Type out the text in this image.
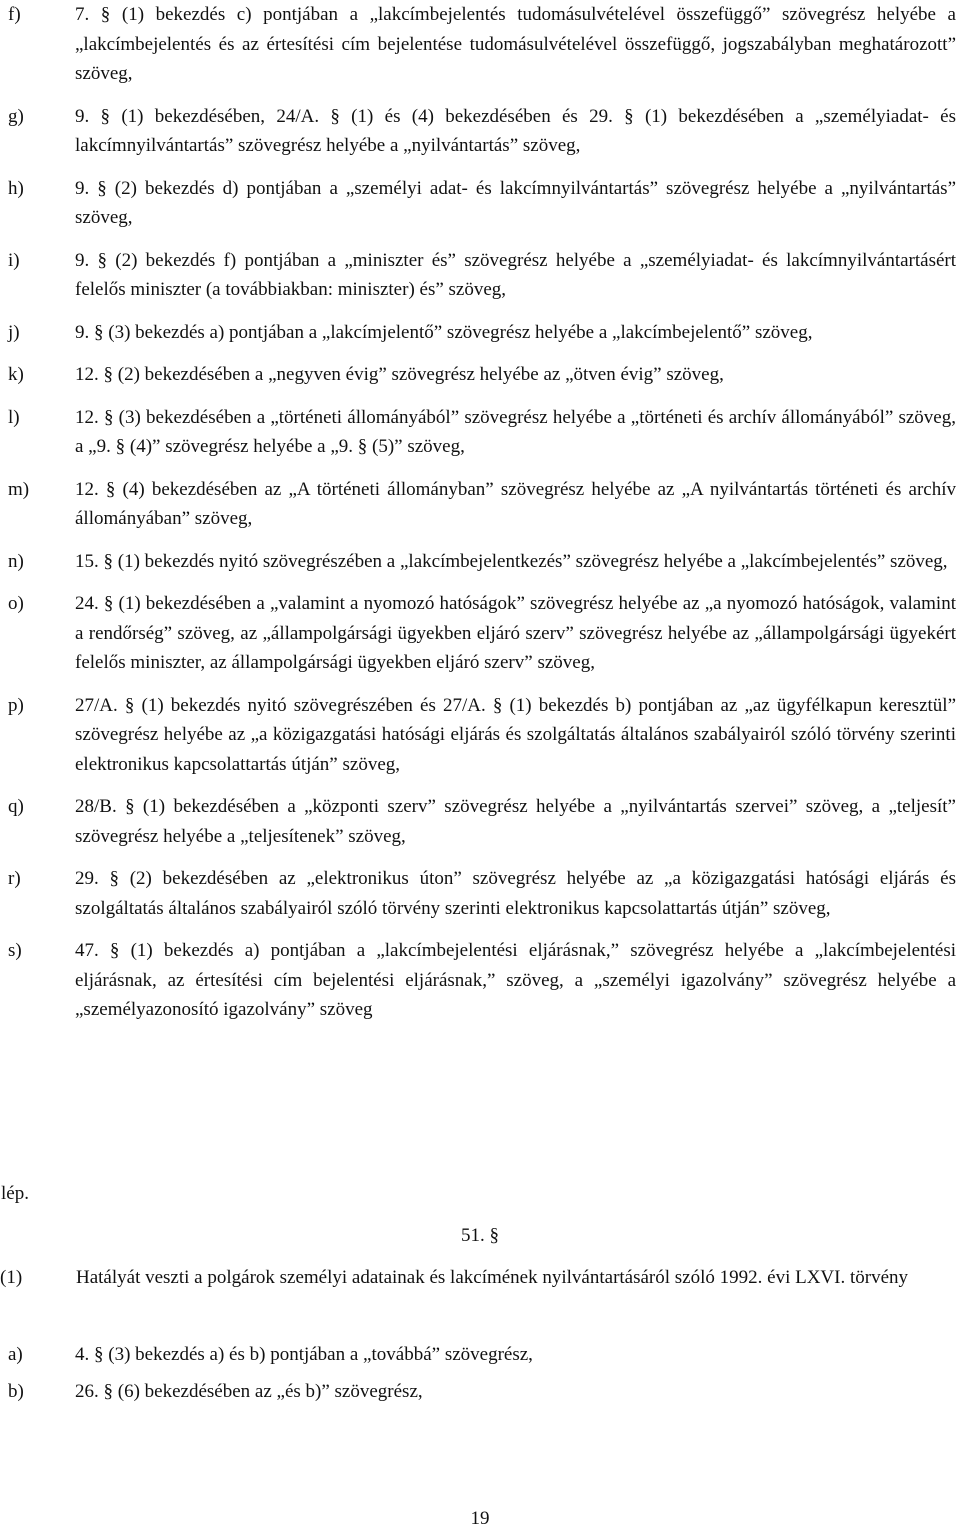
f)	7. § (1) bekezdés c) pontjában a „lakcímbejelentés tudomásulvételével összefüggő” szövegrész helyébe a „lakcímbejelentés és az értesítési cím bejelentése tudomásulvételével összefüggő, jogszabályban meghatározott” szöveg,
g)	9. § (1) bekezdésében, 24/A. § (1) és (4) bekezdésében és 29. § (1) bekezdésében a „személyiadat- és lakcímnyilvántartás” szövegrész helyébe a „nyilvántartás” szöveg,
h)	9. § (2) bekezdés d) pontjában a „személyi adat- és lakcímnyilvántartás” szövegrész helyébe a „nyilvántartás” szöveg,
i)	9. § (2) bekezdés f) pontjában a „miniszter és” szövegrész helyébe a „személyiadat- és lakcímnyilvántartásért felelős miniszter (a továbbiakban: miniszter) és” szöveg,
j)	9. § (3) bekezdés a) pontjában a „lakcímjelentő” szövegrész helyébe a „lakcímbejelentő” szöveg,
k)	12. § (2) bekezdésében a „negyven évig” szövegrész helyébe az „ötven évig” szöveg,
l)	12. § (3) bekezdésében a „történeti állományából” szövegrész helyébe a „történeti és archív állományából” szöveg, a „9. § (4)” szövegrész helyébe a „9. § (5)” szöveg,
m) 12. § (4) bekezdésében az „A történeti állományban” szövegrész helyébe az „A nyilvántartás történeti és archív állományában” szöveg,
n)	15. § (1) bekezdés nyitó szövegrészében a „lakcímbejelentkezés” szövegrész helyébe a „lakcímbejelentés” szöveg,
o)	24. § (1) bekezdésében a „valamint a nyomozó hatóságok” szövegrész helyébe az „a nyomozó hatóságok, valamint a rendőrség” szöveg, az „állampolgársági ügyekben eljáró szerv” szövegrész helyébe az „állampolgársági ügyekért felelős miniszter, az állampolgársági ügyekben eljáró szerv” szöveg,
p)	27/A. § (1) bekezdés nyitó szövegrészében és 27/A. § (1) bekezdés b) pontjában az „az ügyfélkapun keresztül” szövegrész helyébe az „a közigazgatási hatósági eljárás és szolgáltatás általános szabályairól szóló törvény szerinti elektronikus kapcsolattartás útján” szöveg,
q)	28/B. § (1) bekezdésében a „központi szerv” szövegrész helyébe a „nyilvántartás szervei” szöveg, a „teljesít” szövegrész helyébe a „teljesítenek” szöveg,
r)	29. § (2) bekezdésében az „elektronikus úton” szövegrész helyébe az „a közigazgatási hatósági eljárás és szolgáltatás általános szabályairól szóló törvény szerinti elektronikus kapcsolattartás útján” szöveg,
s)	47. § (1) bekezdés a) pontjában a „lakcímbejelentési eljárásnak,” szövegrész helyébe a „lakcímbejelentési eljárásnak, az értesítési cím bejelentési eljárásnak,” szöveg, a „személyi igazolvány” szövegrész helyébe a „személyazonosító igazolvány” szöveg
lép.
51. §
(1)	Hatályát veszti a polgárok személyi adatainak és lakcímének nyilvántartásáról szóló 1992. évi LXVI. törvény
a)	4. § (3) bekezdés a) és b) pontjában a „továbbá” szövegrész,
b)	26. § (6) bekezdésében az „és b)” szövegrész,
19
